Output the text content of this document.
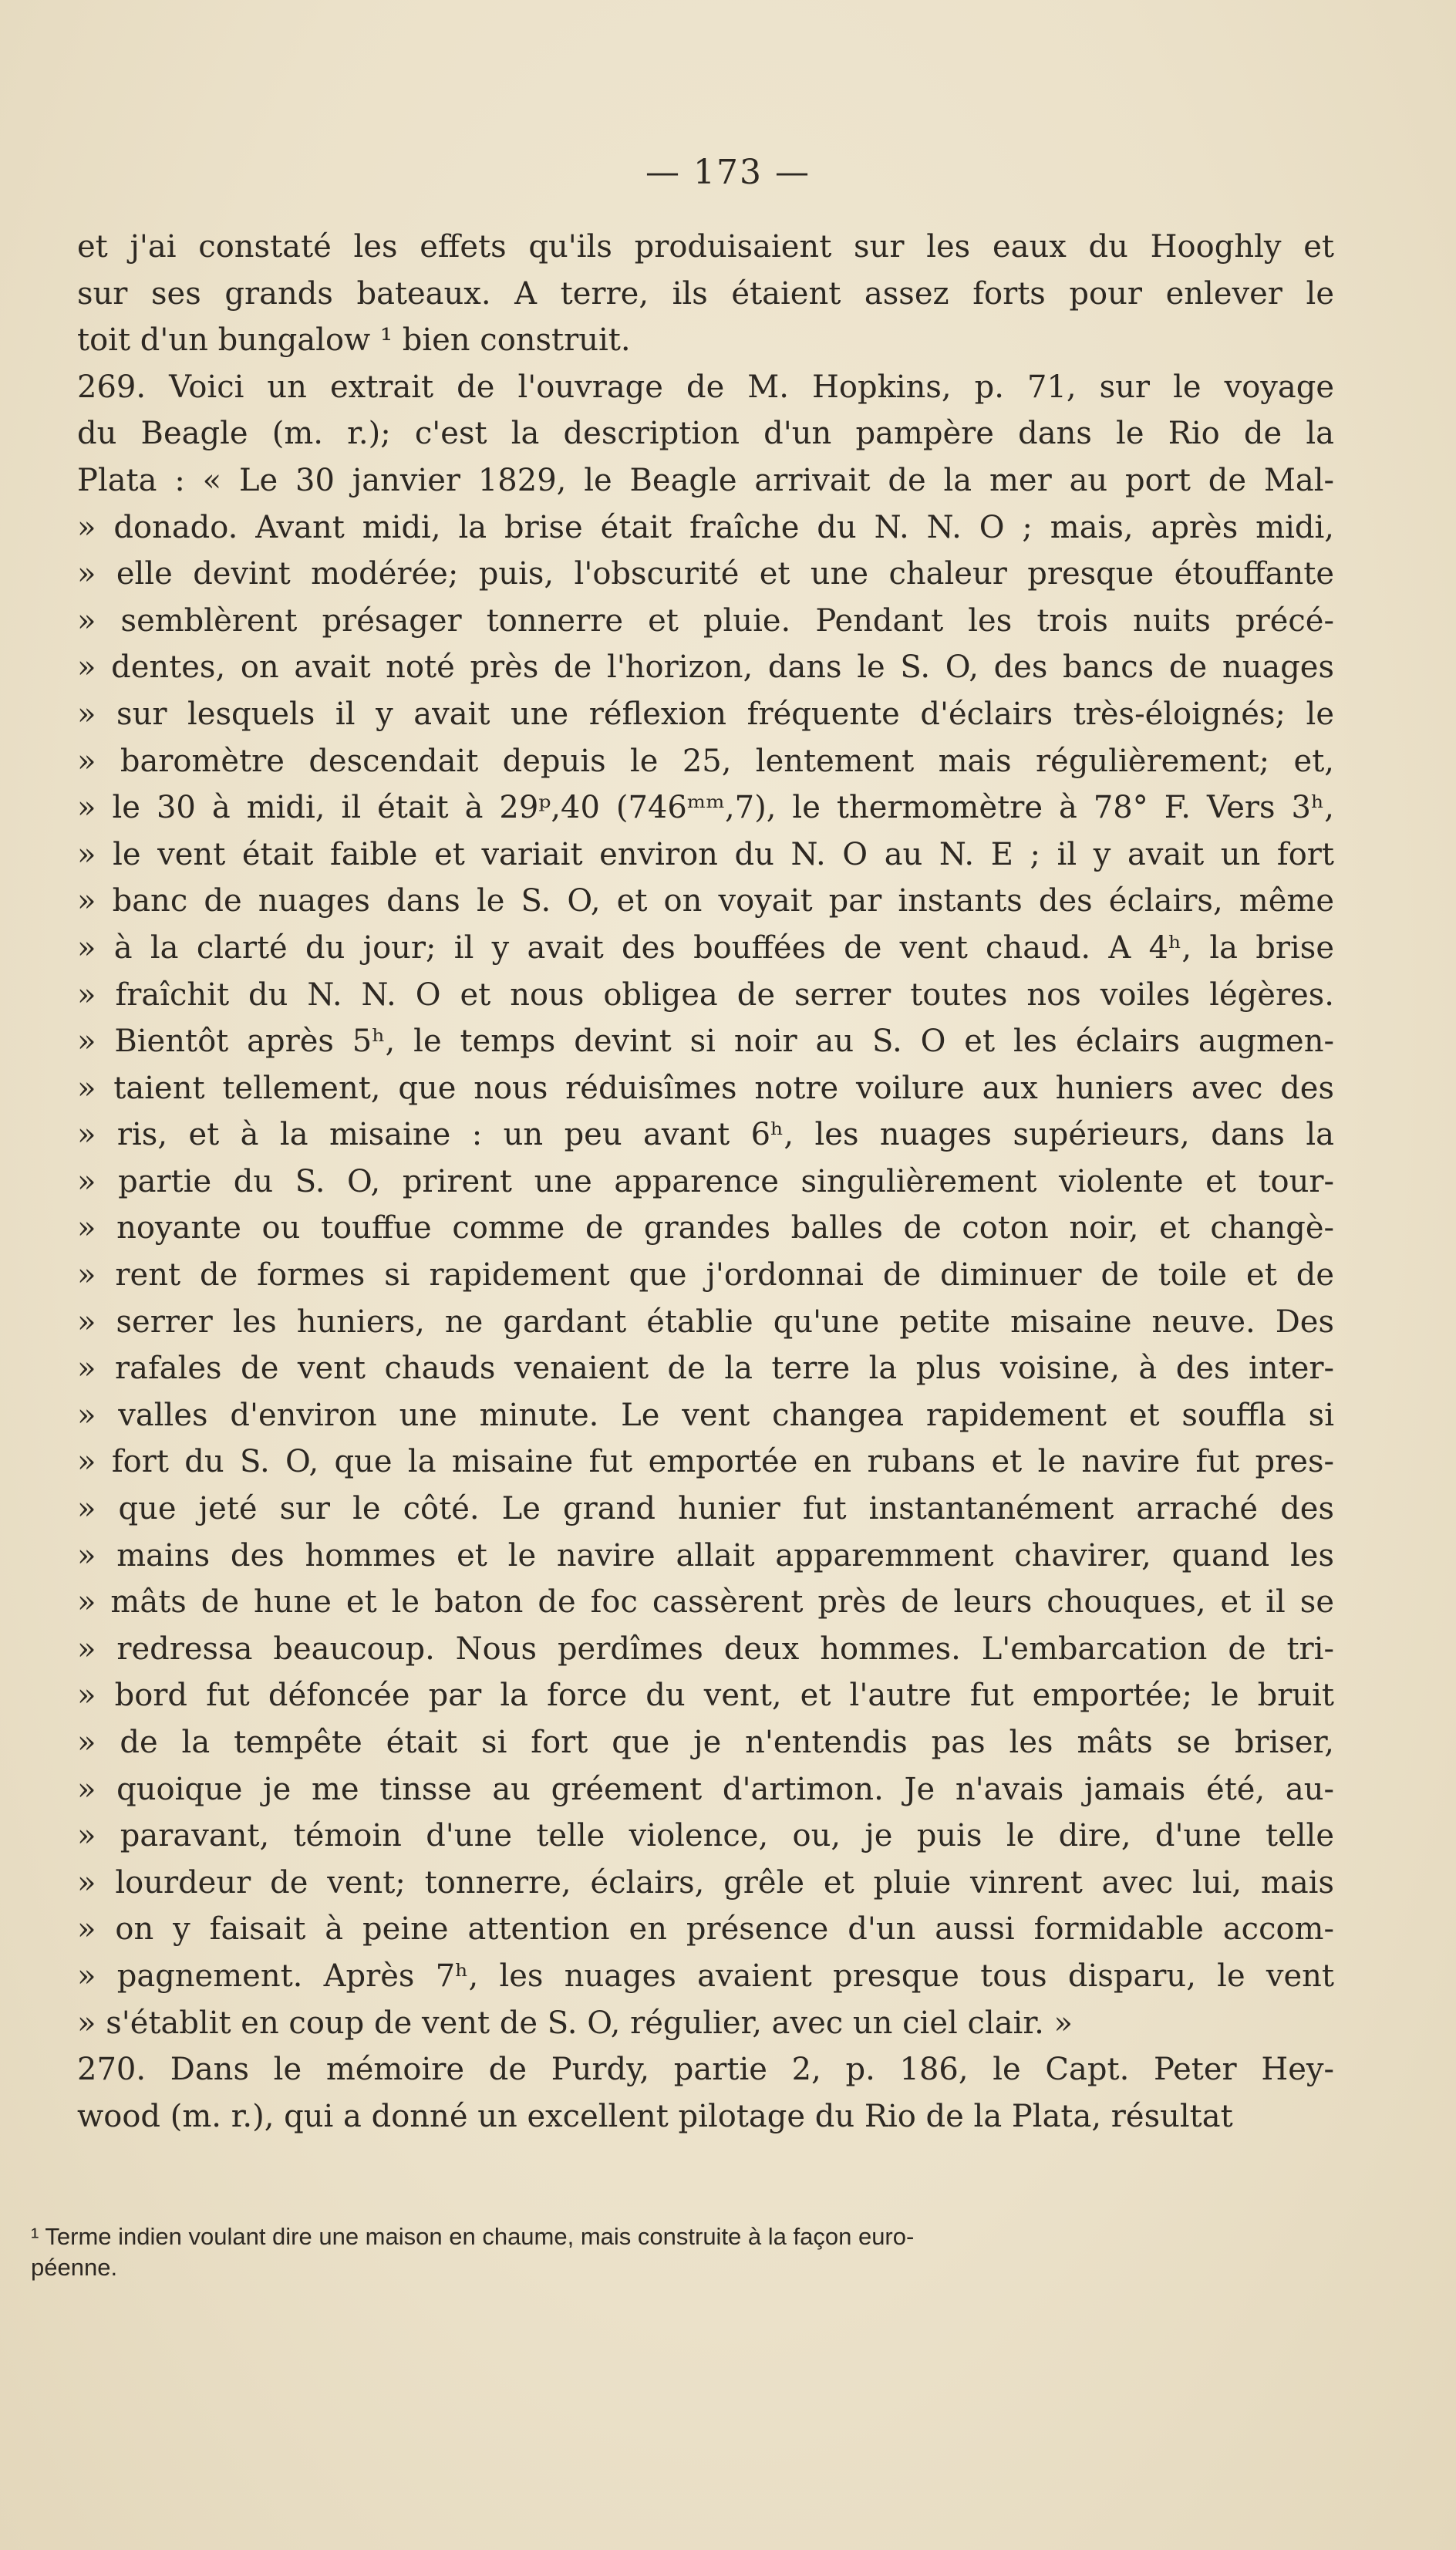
— 173 —
et j'ai constaté les effets qu'ils produisaient sur les eaux du Hooghly et
sur ses grands bateaux. A terre, ils étaient assez forts pour enlever le
toit d'un bungalow ¹ bien construit.
269. Voici un extrait de l'ouvrage de M. Hopkins, p. 71, sur le voyage
du Beagle (m. r.); c'est la description d'un pampère dans le Rio de la
Plata : « Le 30 janvier 1829, le Beagle arrivait de la mer au port de Mal-
» donado. Avant midi, la brise était fraîche du N. N. O ; mais, après midi,
» elle devint modérée; puis, l'obscurité et une chaleur presque étouffante
» semblèrent présager tonnerre et pluie. Pendant les trois nuits précé-
» dentes, on avait noté près de l'horizon, dans le S. O, des bancs de nuages
» sur lesquels il y avait une réflexion fréquente d'éclairs très-éloignés; le
» baromètre descendait depuis le 25, lentement mais régulièrement; et,
» le 30 à midi, il était à 29ᵖ,40 (746ᵐᵐ,7), le thermomètre à 78° F. Vers 3ʰ,
» le vent était faible et variait environ du N. O au N. E ; il y avait un fort
» banc de nuages dans le S. O, et on voyait par instants des éclairs, même
» à la clarté du jour; il y avait des bouffées de vent chaud. A 4ʰ, la brise
» fraîchit du N. N. O et nous obligea de serrer toutes nos voiles légères.
» Bientôt après 5ʰ, le temps devint si noir au S. O et les éclairs augmen-
» taient tellement, que nous réduisîmes notre voilure aux huniers avec des
» ris, et à la misaine : un peu avant 6ʰ, les nuages supérieurs, dans la
» partie du S. O, prirent une apparence singulièrement violente et tour-
» noyante ou touffue comme de grandes balles de coton noir, et changè-
» rent de formes si rapidement que j'ordonnai de diminuer de toile et de
» serrer les huniers, ne gardant établie qu'une petite misaine neuve. Des
» rafales de vent chauds venaient de la terre la plus voisine, à des inter-
» valles d'environ une minute. Le vent changea rapidement et souffla si
» fort du S. O, que la misaine fut emportée en rubans et le navire fut pres-
» que jeté sur le côté. Le grand hunier fut instantanément arraché des
» mains des hommes et le navire allait apparemment chavirer, quand les
» mâts de hune et le baton de foc cassèrent près de leurs chouques, et il se
» redressa beaucoup. Nous perdîmes deux hommes. L'embarcation de tri-
» bord fut défoncée par la force du vent, et l'autre fut emportée; le bruit
» de la tempête était si fort que je n'entendis pas les mâts se briser,
» quoique je me tinsse au gréement d'artimon. Je n'avais jamais été, au-
» paravant, témoin d'une telle violence, ou, je puis le dire, d'une telle
» lourdeur de vent; tonnerre, éclairs, grêle et pluie vinrent avec lui, mais
» on y faisait à peine attention en présence d'un aussi formidable accom-
» pagnement. Après 7ʰ, les nuages avaient presque tous disparu, le vent
» s'établit en coup de vent de S. O, régulier, avec un ciel clair. »
270. Dans le mémoire de Purdy, partie 2, p. 186, le Capt. Peter Hey-
wood (m. r.), qui a donné un excellent pilotage du Rio de la Plata, résultat
¹ Terme indien voulant dire une maison en chaume, mais construite à la façon euro-
péenne.
